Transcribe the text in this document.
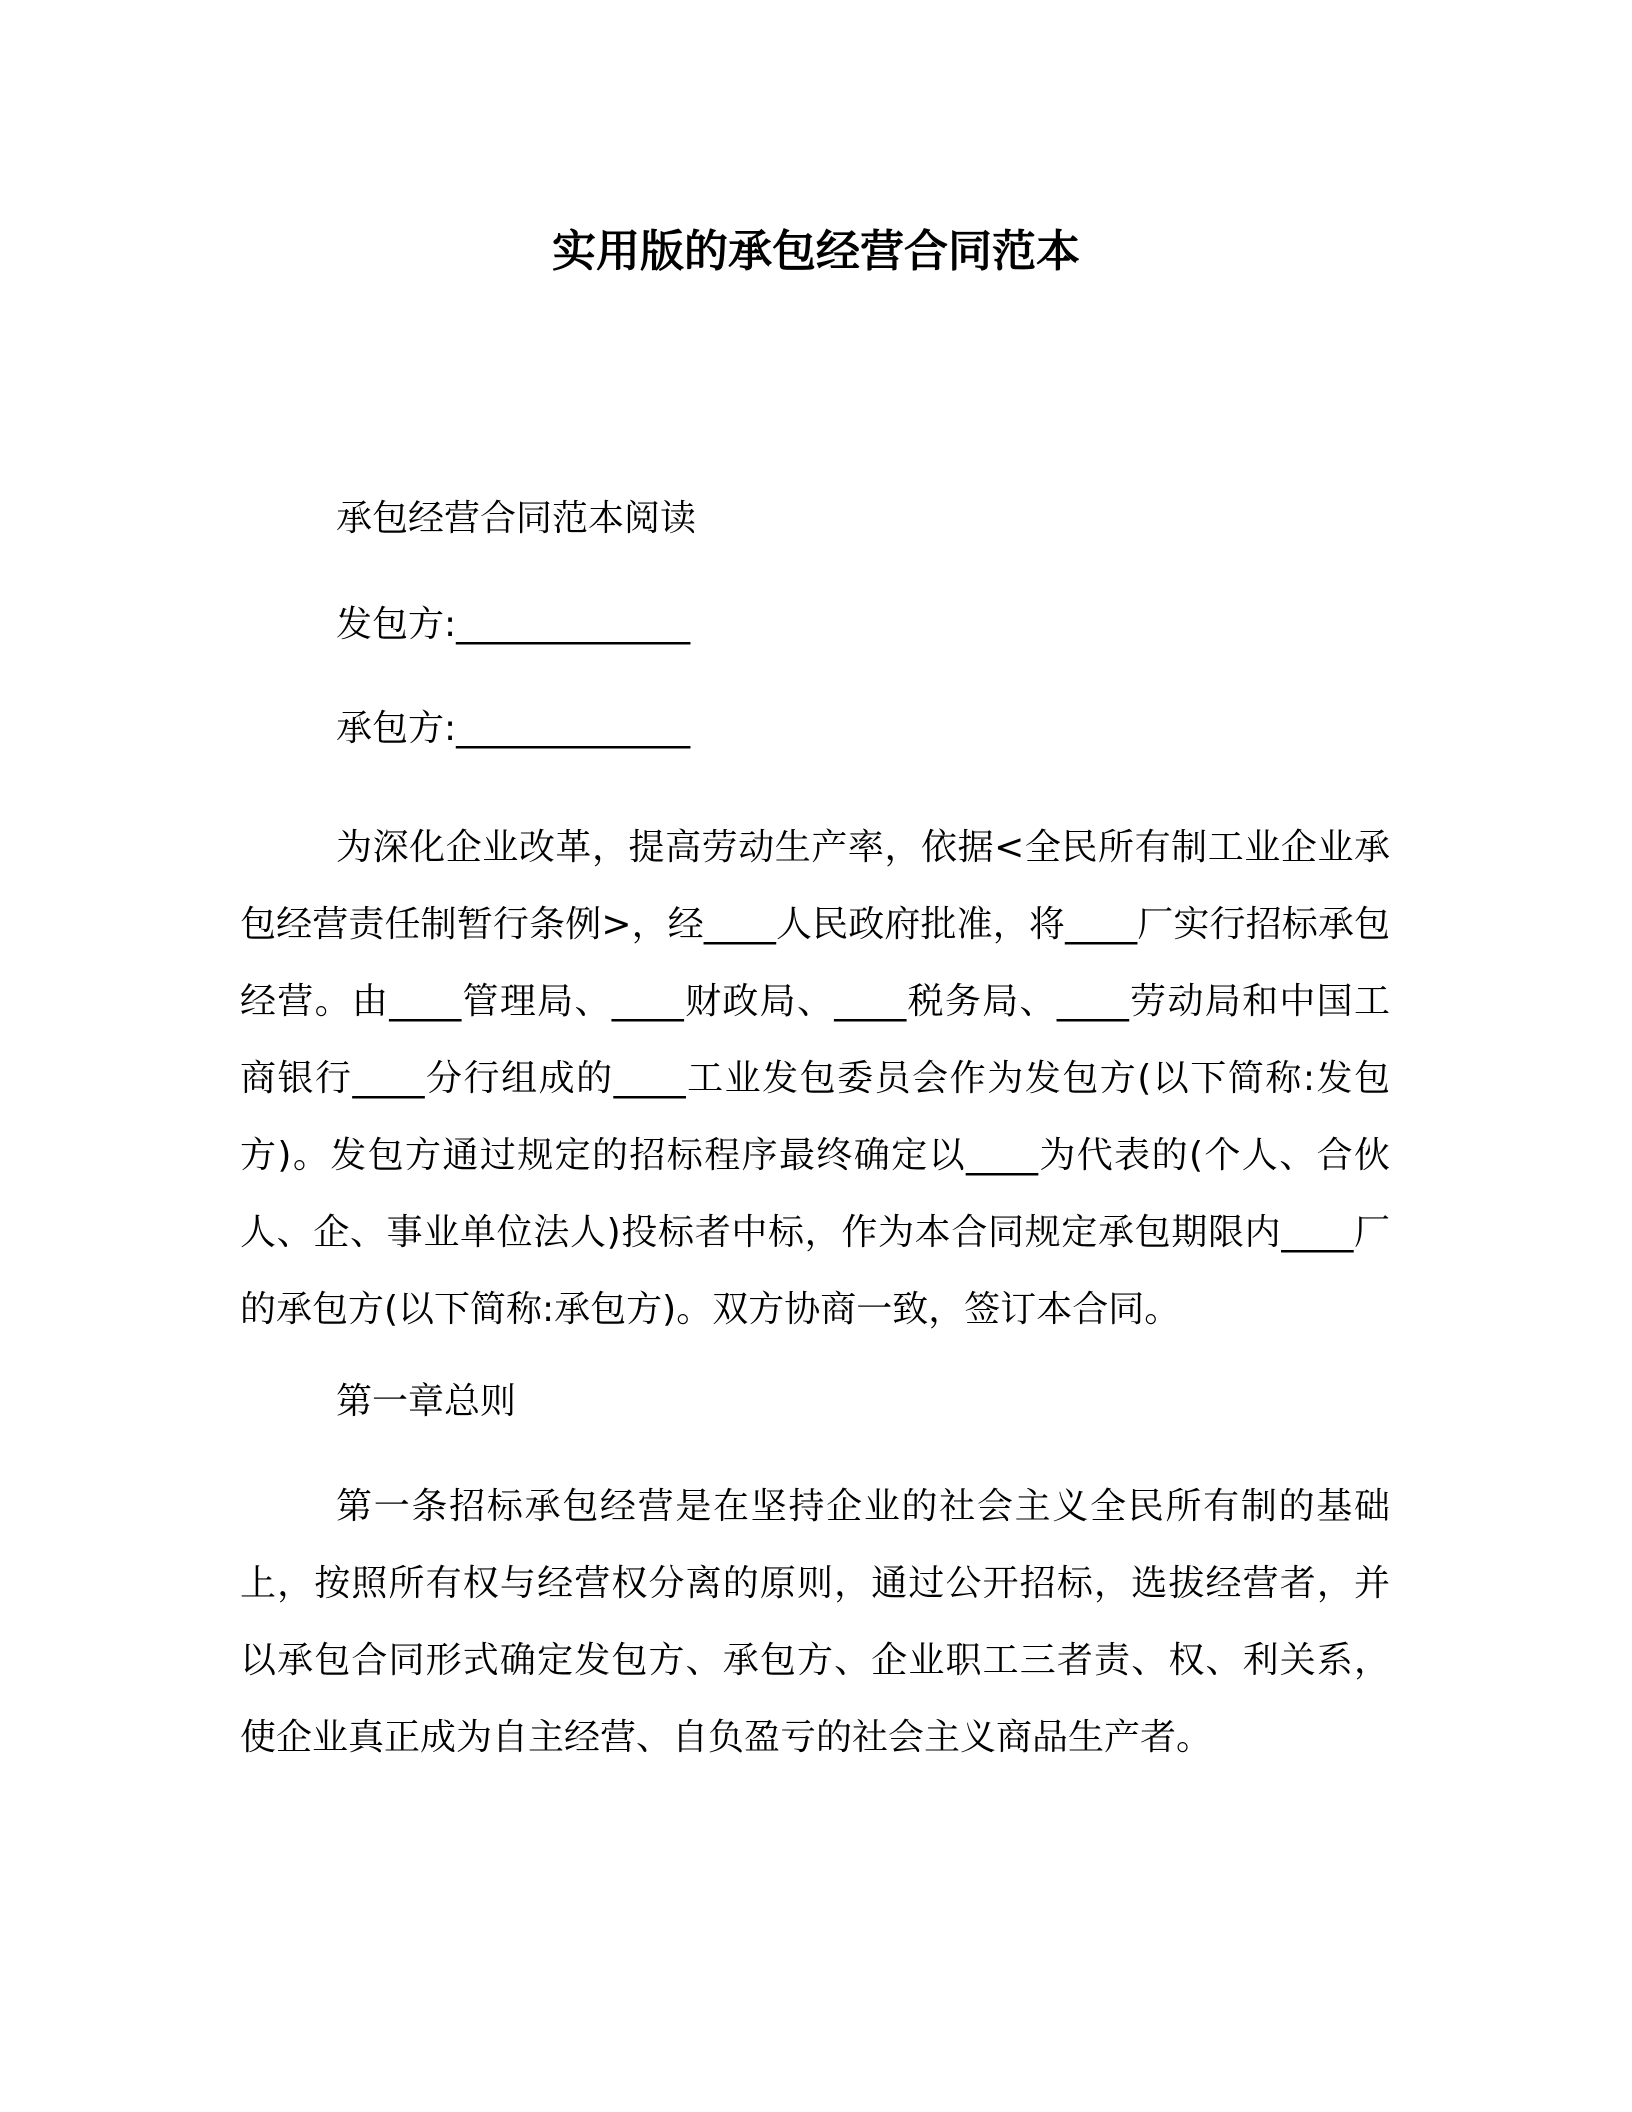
实用版的承包经营合同范本

承包经营合同范本阅读

发包方:_____________

承包方:_____________

为深化企业改革，提高劳动生产率，依据<全民所有制工业企业承包经营责任制暂行条例>，经____人民政府批准，将____厂实行招标承包经营。由____管理局、____财政局、____税务局、____劳动局和中国工商银行____分行组成的____工业发包委员会作为发包方(以下简称:发包方)。发包方通过规定的招标程序最终确定以____为代表的(个人、合伙人、企、事业单位法人)投标者中标，作为本合同规定承包期限内____厂的承包方(以下简称:承包方)。双方协商一致，签订本合同。

第一章总则

第一条招标承包经营是在坚持企业的社会主义全民所有制的基础上，按照所有权与经营权分离的原则，通过公开招标，选拔经营者，并以承包合同形式确定发包方、承包方、企业职工三者责、权、利关系，使企业真正成为自主经营、自负盈亏的社会主义商品生产者。
